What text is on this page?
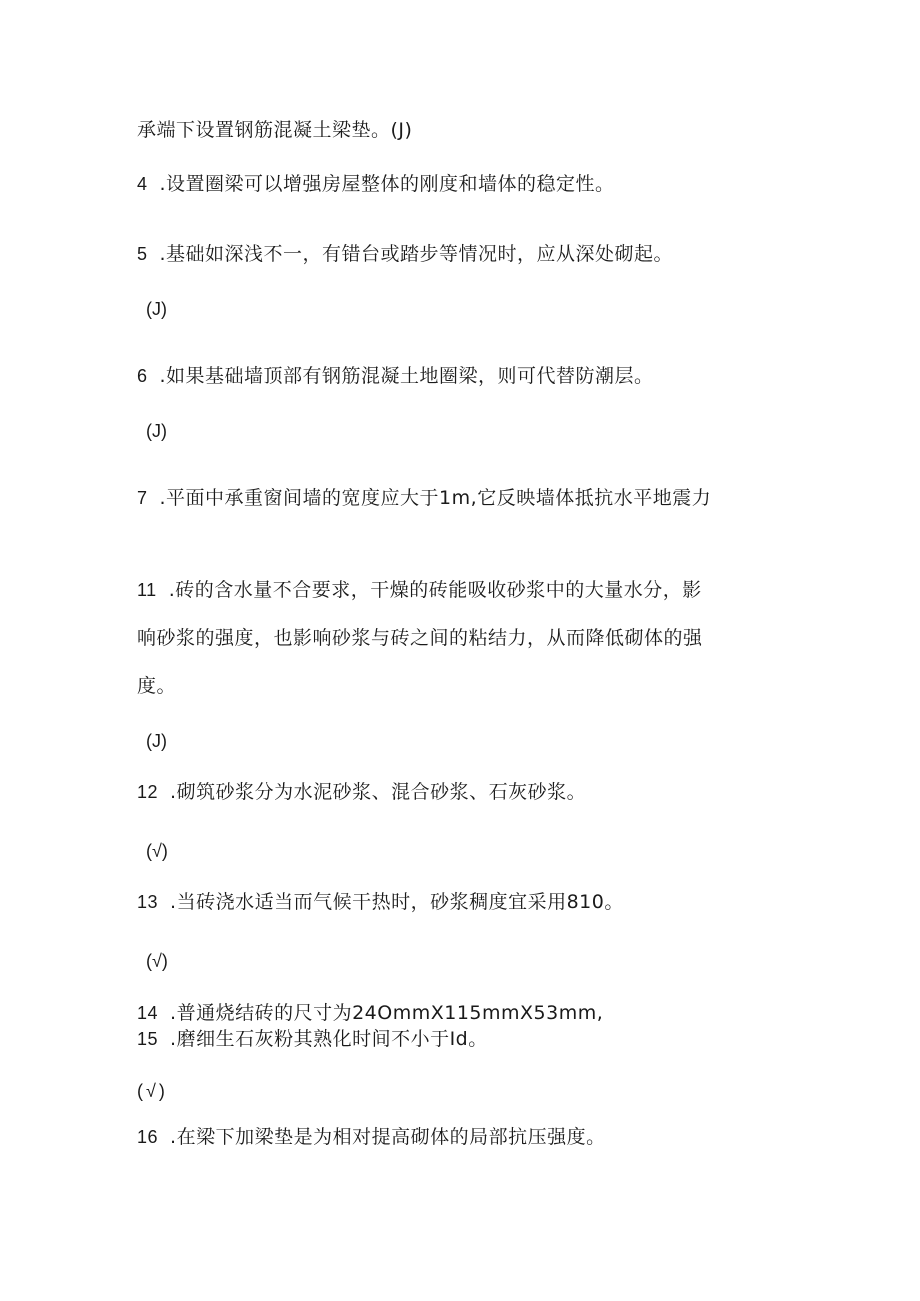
承端下设置钢筋混凝土梁垫。(J)
4 .设置圈梁可以增强房屋整体的刚度和墙体的稳定性。
5 .基础如深浅不一，有错台或踏步等情况时，应从深处砌起。
(J)
6 .如果基础墙顶部有钢筋混凝土地圈梁，则可代替防潮层。
(J)
7 .平面中承重窗间墙的宽度应大于1m,它反映墙体抵抗水平地震力
11 .砖的含水量不合要求，干燥的砖能吸收砂浆中的大量水分，影
响砂浆的强度，也影响砂浆与砖之间的粘结力，从而降低砌体的强
度。
(J)
12 .砌筑砂浆分为水泥砂浆、混合砂浆、石灰砂浆。
(√)
13 .当砖浇水适当而气候干热时，砂浆稠度宜采用810。
(√)
14 .普通烧结砖的尺寸为24OmmX115mmX53mm,
15 .磨细生石灰粉其熟化时间不小于Id。
(√)
16 .在梁下加梁垫是为相对提高砌体的局部抗压强度。
